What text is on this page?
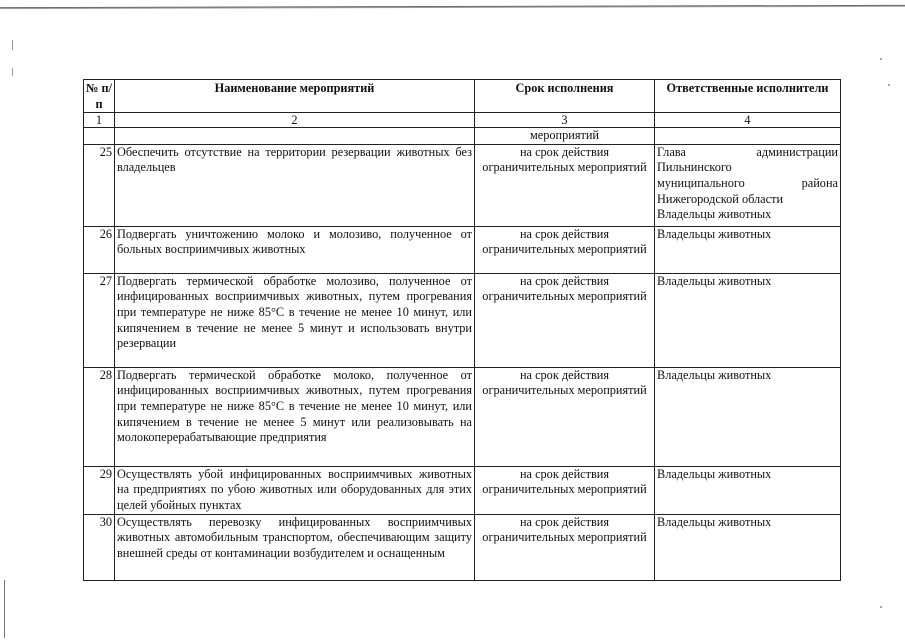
№ п/п	Наименование мероприятий	Срок исполнения	Ответственные исполнители
1	2	3	4
		мероприятий	
25	Обеспечить отсутствие на территории резервации животных без владельцев	на срок действия ограничительных мероприятий	Глава администрации
Пильнинского
муниципального района
Нижегородской области
Владельцы животных

26	Подвергать уничтожению молоко и молозиво, полученное от больных восприимчивых животных	на срок действия ограничительных мероприятий	Владельцы животных

27	Подвергать термической обработке молозиво, полученное от инфицированных восприимчивых животных, путем прогревания при температуре не ниже 85°С в течение не менее 10 минут, или кипячением в течение не менее 5 минут и использовать внутри резервации	на срок действия ограничительных мероприятий	Владельцы животных

28	Подвергать термической обработке молоко, полученное от инфицированных восприимчивых животных, путем прогревания при температуре не ниже 85°С в течение не менее 10 минут, или кипячением в течение не менее 5 минут или реализовывать на молокоперерабатывающие предприятия	на срок действия ограничительных мероприятий	Владельцы животных

29	Осуществлять убой инфицированных восприимчивых животных на предприятиях по убою животных или оборудованных для этих целей убойных пунктах	на срок действия ограничительных мероприятий	Владельцы животных

30	Осуществлять перевозку инфицированных восприимчивых животных автомобильным транспортом, обеспечивающим защиту внешней среды от контаминации возбудителем и оснащенным	на срок действия ограничительных мероприятий	Владельцы животных
